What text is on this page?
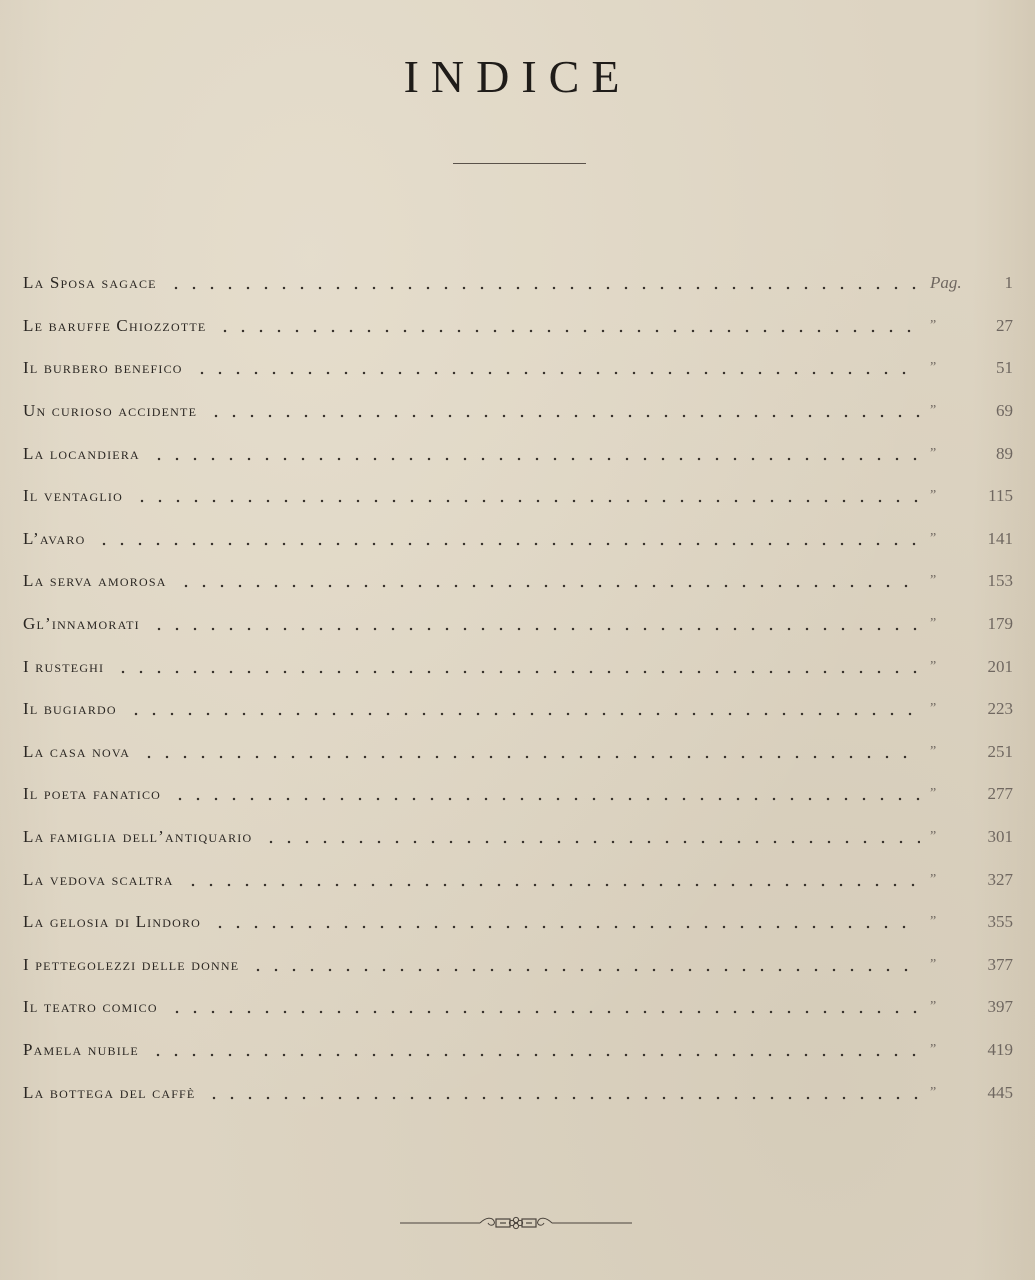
INDICE
La Sposa sagace	Pag.	1
Le baruffe Chiozzotte	”	27
Il burbero benefico	”	51
Un curioso accidente	”	69
La locandiera	”	89
Il ventaglio	”	115
L’avaro	”	141
La serva amorosa	”	153
Gl’innamorati	”	179
I rusteghi	”	201
Il bugiardo	”	223
La casa nova	”	251
Il poeta fanatico	”	277
La famiglia dell’antiquario	”	301
La vedova scaltra	”	327
La gelosia di Lindoro	”	355
I pettegolezzi delle donne	”	377
Il teatro comico	”	397
Pamela nubile	”	419
La bottega del caffè	”	445
